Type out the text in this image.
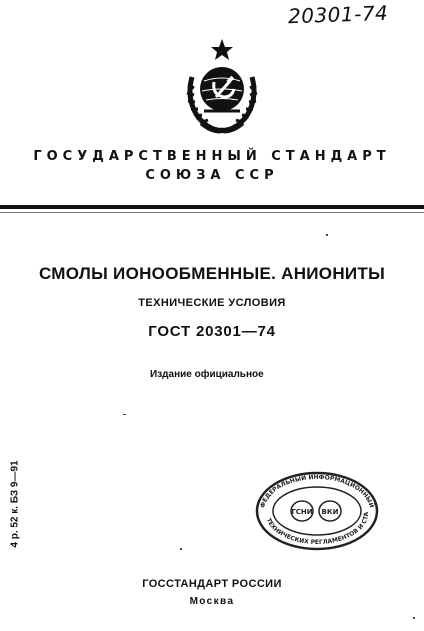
20301-74
ГОСУДАРСТВЕННЫЙ СТАНДАРТ
СОЮЗА ССР
СМОЛЫ ИОНООБМЕННЫЕ. АНИОНИТЫ
ТЕХНИЧЕСКИЕ УСЛОВИЯ
ГОСТ 20301—74
Издание официальное
4 р. 52 к. БЗ 9—91	ФЕДЕРАЛЬНЫЙ ИНФОРМАЦИОННЫЙ
ТЕХНИЧЕСКИХ РЕГЛАМЕНТОВ И СТА
ГСНИ ВКИ
ГОССТАНДАРТ РОССИИ
Москва
